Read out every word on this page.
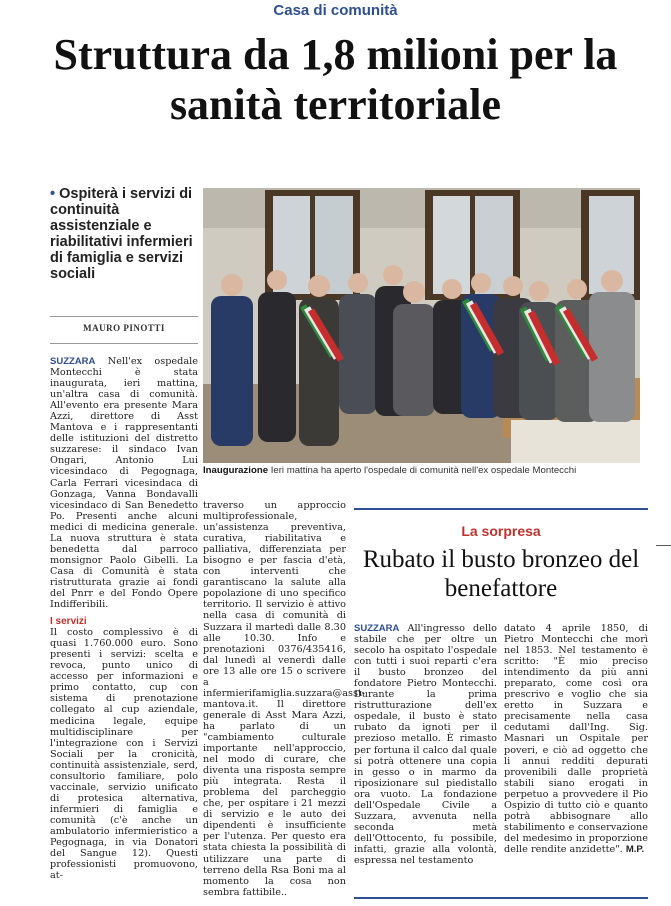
Casa di comunità
Struttura da 1,8 milioni per la sanità territoriale
• Ospiterà i servizi di continuità assistenziale e riabilitativi infermieri di famiglia e servizi sociali
MAURO PINOTTI
SUZZARA Nell'ex ospedale Montecchi è stata inaugurata, ieri mattina, un'altra casa di comunità. All'evento era presente Mara Azzi, direttore di Asst Mantova e i rappresentanti delle istituzioni del distretto suzzarese: il sindaco Ivan Ongari, Antonio Lui vicesindaco di Pegognaga, Carla Ferrari vicesindaca di Gonzaga, Vanna Bondavalli vicesindaco di San Benedetto Po. Presenti anche alcuni medici di medicina generale. La nuova struttura è stata benedetta dal parroco monsignor Paolo Gibelli. La Casa di Comunità è stata ristrutturata grazie ai fondi del Pnrr e del Fondo Opere Indifferibili.
I servizi
Il costo complessivo è di quasi 1.760.000 euro. Sono presenti i servizi: scelta e revoca, punto unico di accesso per informazioni e primo contatto, cup con sistema di prenotazione collegato al cup aziendale, medicina legale, equipe multidisciplinare per l'integrazione con i Servizi Sociali per la cronicità, continuità assistenziale, serd, consultorio familiare, polo vaccinale, servizio unificato di protesica alternativa, infermieri di famiglia e comunità (c'è anche un ambulatorio infermieristico a Pegognaga, in via Donatori del Sangue 12). Questi professionisti promuovono, at-
Inaugurazione Ieri mattina ha aperto l'ospedale di comunità nell'ex ospedale Montecchi
traverso un approccio multiprofessionale, un'assistenza preventiva, curativa, riabilitativa e palliativa, differenziata per bisogno e per fascia d'età, con interventi che garantiscano la salute alla popolazione di uno specifico territorio. Il servizio è attivo nella casa di comunità di Suzzara il martedì dalle 8.30 alle 10.30. Info e prenotazioni 0376/435416, dal lunedì al venerdì dalle ore 13 alle ore 15 o scrivere a infermierifamiglia.suzzara@asst-mantova.it. Il direttore generale di Asst Mara Azzi, ha parlato di un "cambiamento culturale importante nell'approccio, nel modo di curare, che diventa una risposta sempre più integrata. Resta il problema del parcheggio che, per ospitare i 21 mezzi di servizio e le auto dei dipendenti è insufficiente per l'utenza. Per questo era stata chiesta la possibilità di utilizzare una parte di terreno della Rsa Boni ma al momento la cosa non sembra fattibile..
La sorpresa
Rubato il busto bronzeo del benefattore
SUZZARA All'ingresso dello stabile che per oltre un secolo ha ospitato l'ospedale con tutti i suoi reparti c'era il busto bronzeo del fondatore Pietro Montecchi. Durante la prima ristrutturazione dell'ex ospedale, il busto è stato rubato da ignoti per il prezioso metallo. È rimasto per fortuna il calco dal quale si potrà ottenere una copia in gesso o in marmo da riposizionare sul piedistallo ora vuoto. La fondazione dell'Ospedale Civile a Suzzara, avvenuta nella seconda metà dell'Ottocento, fu possibile, infatti, grazie alla volontà, espressa nel testamento
datato 4 aprile 1850, di Pietro Montecchi che morì nel 1853. Nel testamento è scritto: "È mio preciso intendimento da più anni preparato, come così ora prescrivo e voglio che sia eretto in Suzzara e precisamente nella casa cedutami dall'Ing. Sig. Masnari un Ospitale per poveri, e ciò ad oggetto che li annui redditi depurati provenibili dalle proprietà stabili siano erogati in perpetuo a provvedere il Pio Ospizio di tutto ciò e quanto potrà abbisognare allo stabilimento e conservazione del medesimo in proporzione delle rendite anzidette". M.P.
